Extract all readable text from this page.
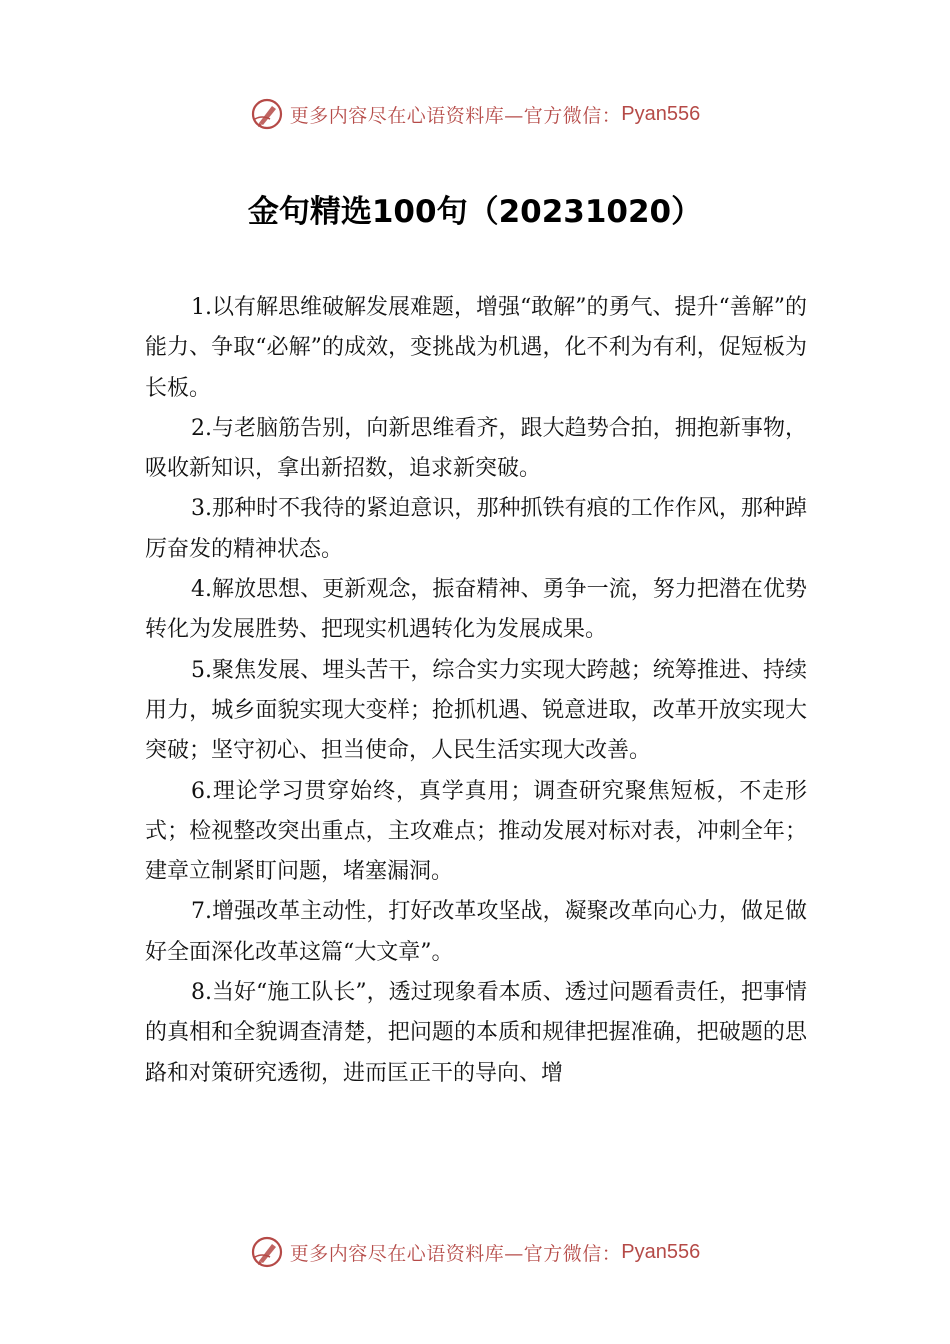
更多内容尽在心语资料库—官方微信： Pyan556
金句精选100句（20231020）

1.以有解思维破解发展难题，增强“敢解”的勇气、提升“善解”的能力、争取“必解”的成效，变挑战为机遇，化不利为有利，促短板为长板。

2.与老脑筋告别，向新思维看齐，跟大趋势合拍，拥抱新事物，吸收新知识，拿出新招数，追求新突破。

3.那种时不我待的紧迫意识，那种抓铁有痕的工作作风，那种踔厉奋发的精神状态。

4.解放思想、更新观念，振奋精神、勇争一流，努力把潜在优势转化为发展胜势、把现实机遇转化为发展成果。

5.聚焦发展、埋头苦干，综合实力实现大跨越；统筹推进、持续用力，城乡面貌实现大变样；抢抓机遇、锐意进取，改革开放实现大突破；坚守初心、担当使命，人民生活实现大改善。

6.理论学习贯穿始终，真学真用；调查研究聚焦短板，不走形式；检视整改突出重点，主攻难点；推动发展对标对表，冲刺全年；建章立制紧盯问题，堵塞漏洞。

7.增强改革主动性，打好改革攻坚战，凝聚改革向心力，做足做好全面深化改革这篇“大文章”。

8.当好“施工队长”，透过现象看本质、透过问题看责任，把事情的真相和全貌调查清楚，把问题的本质和规律把握准确，把破题的思路和对策研究透彻，进而匡正干的导向、增

更多内容尽在心语资料库—官方微信： Pyan556
